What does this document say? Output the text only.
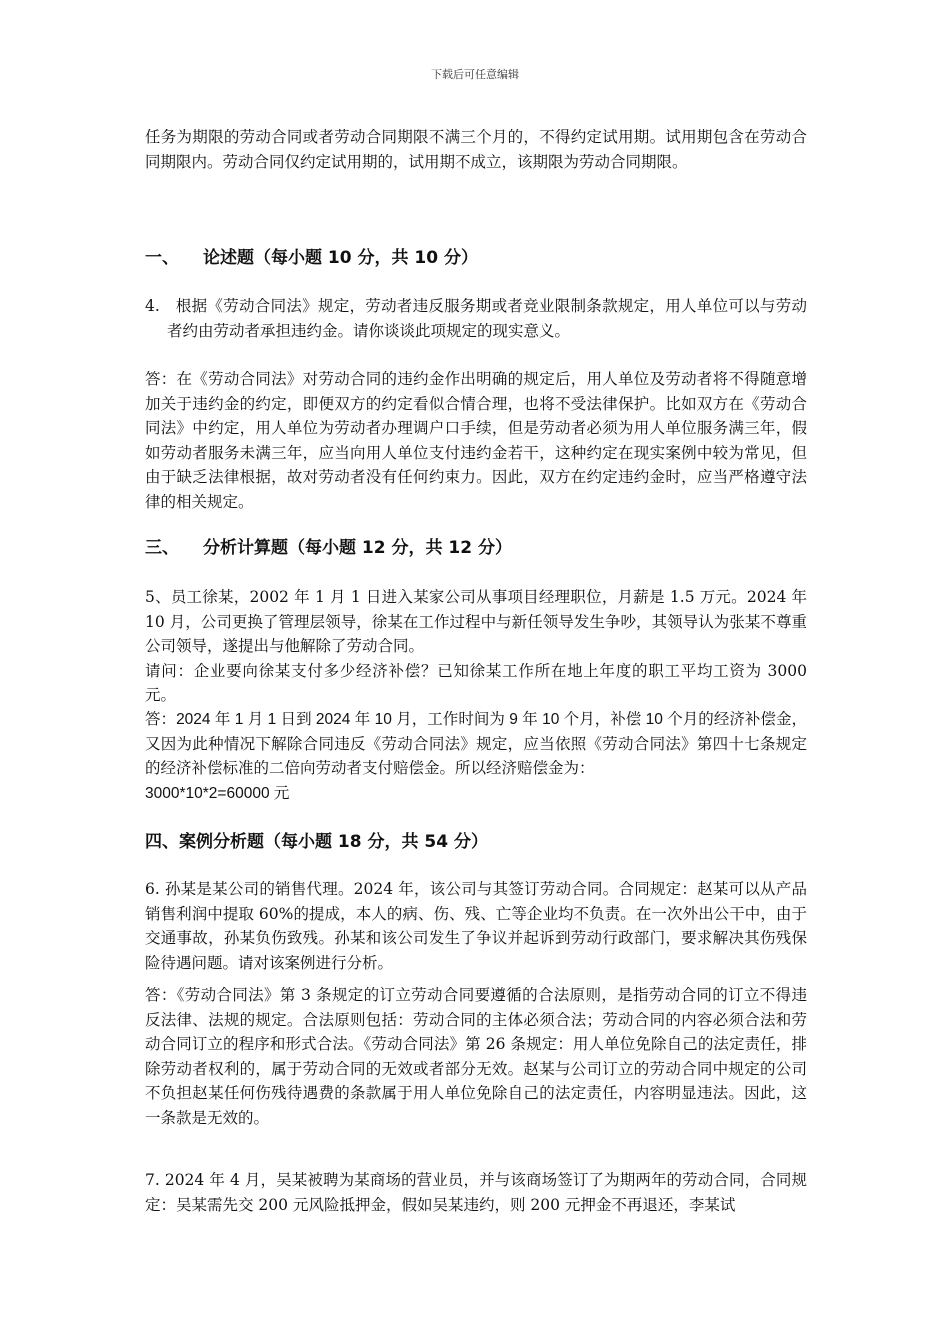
下载后可任意编辑

任务为期限的劳动合同或者劳动合同期限不满三个月的，不得约定试用期。试用期包含在劳动合同期限内。劳动合同仅约定试用期的，试用期不成立，该期限为劳动合同期限。

一、 论述题（每小题 10 分，共 10 分）

4.　根据《劳动合同法》规定，劳动者违反服务期或者竞业限制条款规定，用人单位可以与劳动者约由劳动者承担违约金。请你谈谈此项规定的现实意义。

答：在《劳动合同法》对劳动合同的违约金作出明确的规定后，用人单位及劳动者将不得随意增加关于违约金的约定，即便双方的约定看似合情合理，也将不受法律保护。比如双方在《劳动合同法》中约定，用人单位为劳动者办理调户口手续，但是劳动者必须为用人单位服务满三年，假如劳动者服务未满三年，应当向用人单位支付违约金若干，这种约定在现实案例中较为常见，但由于缺乏法律根据，故对劳动者没有任何约束力。因此，双方在约定违约金时，应当严格遵守法律的相关规定。

三、 分析计算题（每小题 12 分，共 12 分）

5、员工徐某，2002 年 1 月 1 日进入某家公司从事项目经理职位，月薪是 1.5 万元。2024 年 10 月，公司更换了管理层领导，徐某在工作过程中与新任领导发生争吵，其领导认为张某不尊重公司领导，遂提出与他解除了劳动合同。

请问：企业要向徐某支付多少经济补偿？已知徐某工作所在地上年度的职工平均工资为 3000 元。

答：2024 年 1 月 1 日到 2024 年 10 月，工作时间为 9 年 10 个月，补偿 10 个月的经济补偿金，又因为此种情况下解除合同违反《劳动合同法》规定，应当依照《劳动合同法》第四十七条规定的经济补偿标准的二倍向劳动者支付赔偿金。所以经济赔偿金为：

3000*10*2=60000 元

四、案例分析题（每小题 18 分，共 54 分）

6. 孙某是某公司的销售代理。2024 年，该公司与其签订劳动合同。合同规定：赵某可以从产品销售利润中提取 60%的提成，本人的病、伤、残、亡等企业均不负责。在一次外出公干中，由于交通事故，孙某负伤致残。孙某和该公司发生了争议并起诉到劳动行政部门，要求解决其伤残保险待遇问题。请对该案例进行分析。

答：《劳动合同法》第 3 条规定的订立劳动合同要遵循的合法原则，是指劳动合同的订立不得违反法律、法规的规定。合法原则包括：劳动合同的主体必须合法；劳动合同的内容必须合法和劳动合同订立的程序和形式合法。《劳动合同法》第 26 条规定：用人单位免除自己的法定责任，排除劳动者权利的，属于劳动合同的无效或者部分无效。赵某与公司订立的劳动合同中规定的公司不负担赵某任何伤残待遇费的条款属于用人单位免除自己的法定责任，内容明显违法。因此，这一条款是无效的。

7. 2024 年 4 月，吴某被聘为某商场的营业员，并与该商场签订了为期两年的劳动合同，合同规定：吴某需先交 200 元风险抵押金，假如吴某违约，则 200 元押金不再退还，李某试
